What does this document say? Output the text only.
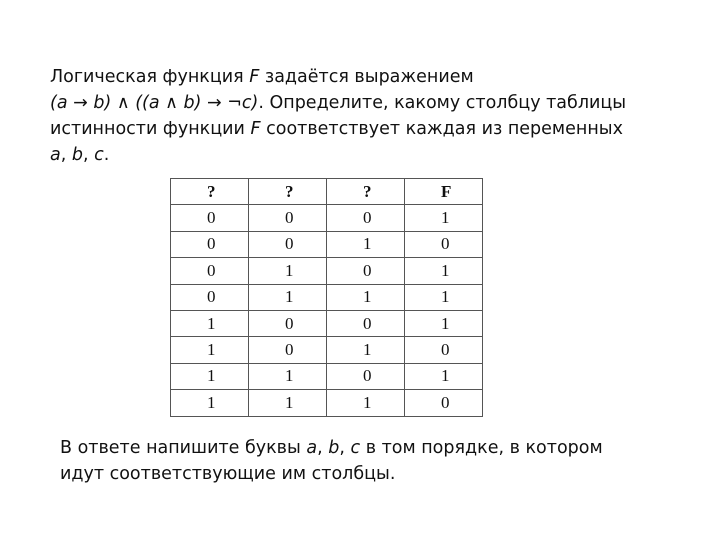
Логическая функция F задаётся выражением
(a → b) ∧ ((a ∧ b) → ¬c). Определите, какому столбцу таблицы
истинности функции F соответствует каждая из переменных
a, b, c.
?	?	?	F
0	0	0	1
0	0	1	0
0	1	0	1
0	1	1	1
1	0	0	1
1	0	1	0
1	1	0	1
1	1	1	0
В ответе напишите буквы a, b, c в том порядке, в котором
идут соответствующие им столбцы.
